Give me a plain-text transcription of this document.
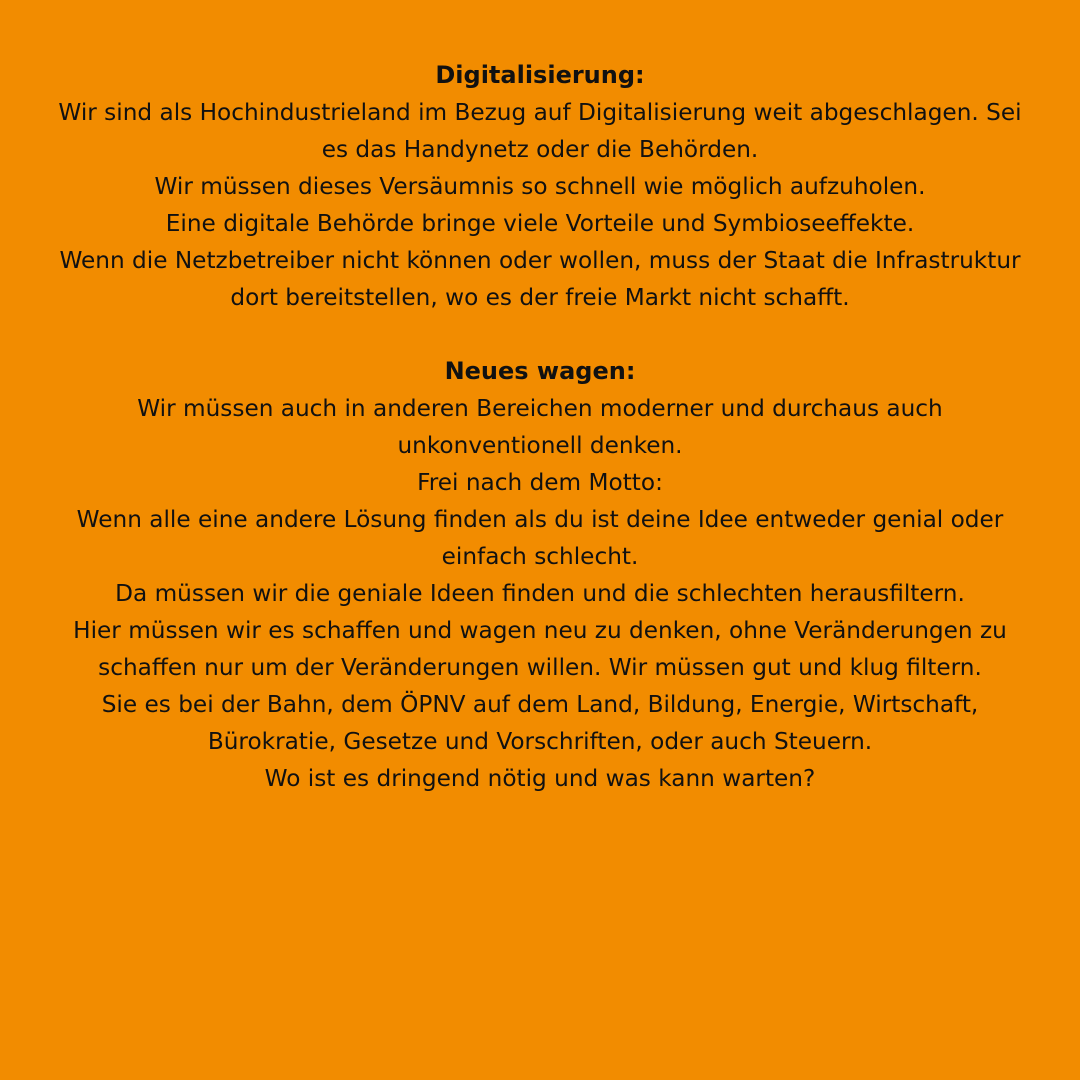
Digitalisierung:

Wir sind als Hochindustrieland im Bezug auf Digitalisierung weit abgeschlagen. Sei

es das Handynetz oder die Behörden.

Wir müssen dieses Versäumnis so schnell wie möglich aufzuholen.

Eine digitale Behörde bringe viele Vorteile und Symbioseeffekte.

Wenn die Netzbetreiber nicht können oder wollen, muss der Staat die Infrastruktur

dort bereitstellen, wo es der freie Markt nicht schafft.

Neues wagen:

Wir müssen auch in anderen Bereichen moderner und durchaus auch

unkonventionell denken.

Frei nach dem Motto:

Wenn alle eine andere Lösung finden als du ist deine Idee entweder genial oder

einfach schlecht.

Da müssen wir die geniale Ideen finden und die schlechten herausfiltern.

Hier müssen wir es schaffen und wagen neu zu denken, ohne Veränderungen zu

schaffen nur um der Veränderungen willen. Wir müssen gut und klug filtern.

Sie es bei der Bahn, dem ÖPNV auf dem Land, Bildung, Energie, Wirtschaft,

Bürokratie, Gesetze und Vorschriften, oder auch Steuern.

Wo ist es dringend nötig und was kann warten?
